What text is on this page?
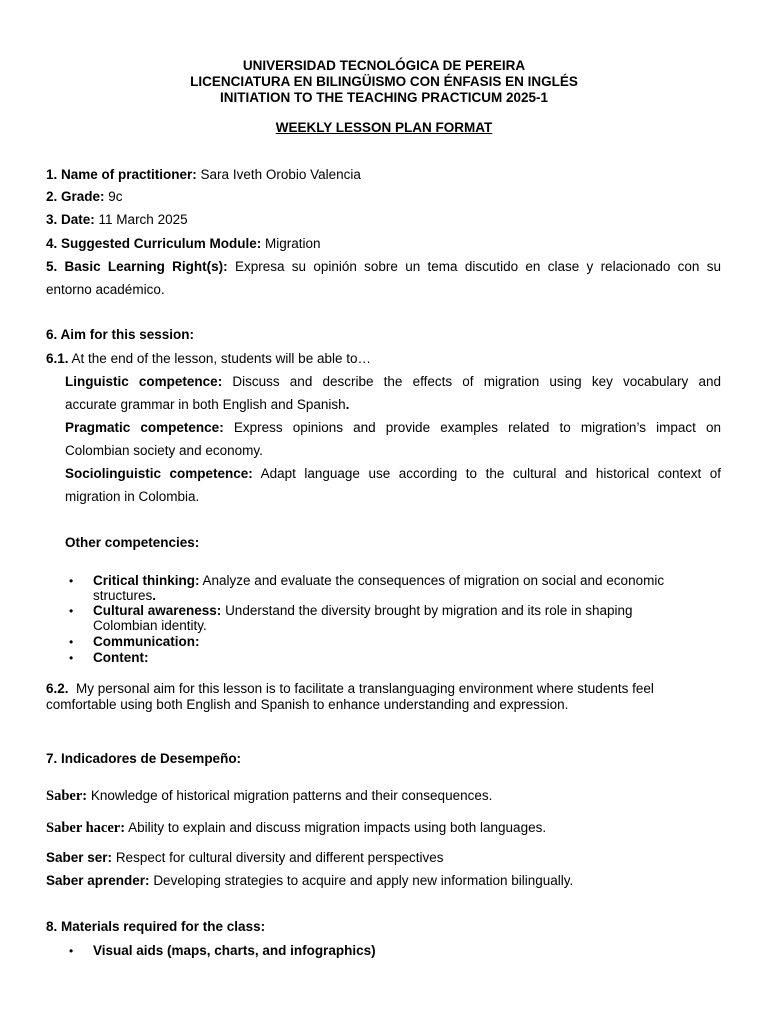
UNIVERSIDAD TECNOLÓGICA DE PEREIRA
LICENCIATURA EN BILINGÜISMO CON ÉNFASIS EN INGLÉS
INITIATION TO THE TEACHING PRACTICUM 2025-1
WEEKLY LESSON PLAN FORMAT
1. Name of practitioner: Sara Iveth Orobio Valencia
2. Grade: 9c
3. Date: 11 March 2025
4. Suggested Curriculum Module: Migration
5. Basic Learning Right(s): Expresa su opinión sobre un tema discutido en clase y relacionado con su
entorno académico.
6. Aim for this session:
6.1. At the end of the lesson, students will be able to…
Linguistic competence: Discuss and describe the effects of migration using key vocabulary and
accurate grammar in both English and Spanish.
Pragmatic competence: Express opinions and provide examples related to migration’s impact on
Colombian society and economy.
Sociolinguistic competence: Adapt language use according to the cultural and historical context of
migration in Colombia.
Other competencies:
• Critical thinking: Analyze and evaluate the consequences of migration on social and economic
structures.
• Cultural awareness: Understand the diversity brought by migration and its role in shaping
Colombian identity.
• Communication:
• Content:
6.2. My personal aim for this lesson is to facilitate a translanguaging environment where students feel
comfortable using both English and Spanish to enhance understanding and expression.
7. Indicadores de Desempeño:
Saber: Knowledge of historical migration patterns and their consequences.
Saber hacer: Ability to explain and discuss migration impacts using both languages.
Saber ser: Respect for cultural diversity and different perspectives
Saber aprender: Developing strategies to acquire and apply new information bilingually.
8. Materials required for the class:
• Visual aids (maps, charts, and infographics)
